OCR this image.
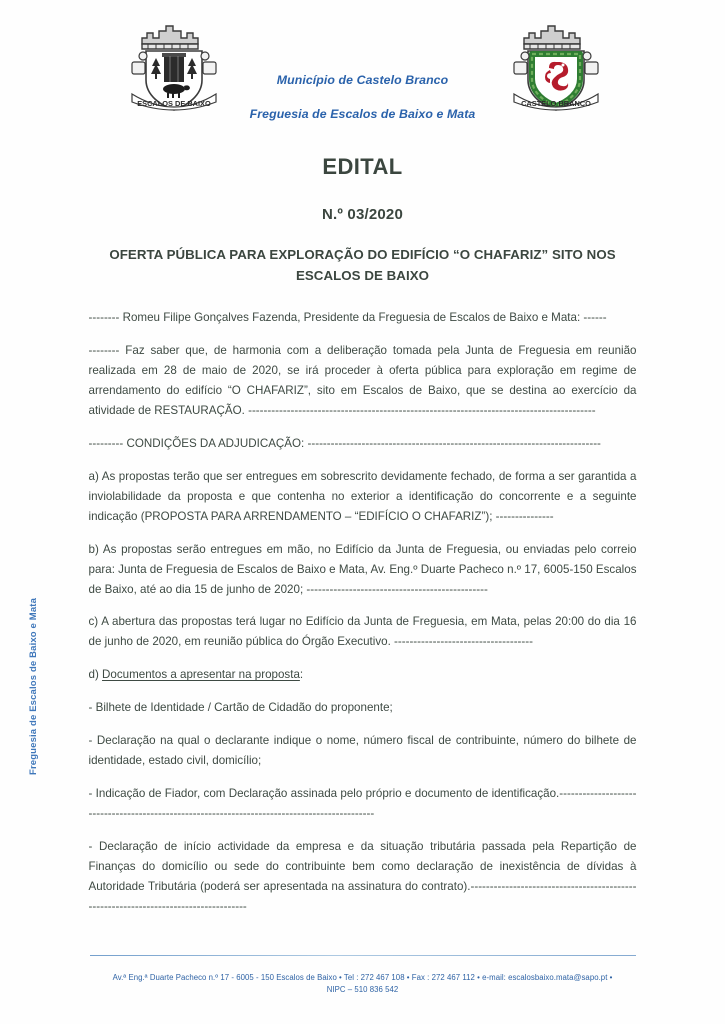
Freguesia de Escalos de Baixo e Mata
ESCALOS DE BAIXO	CASTELO BRANCO
Município de Castelo Branco
Freguesia de Escalos de Baixo e Mata
EDITAL
N.º 03/2020
OFERTA PÚBLICA PARA EXPLORAÇÃO DO EDIFÍCIO “O CHAFARIZ” SITO NOS ESCALOS DE BAIXO

-------- Romeu Filipe Gonçalves Fazenda, Presidente da Freguesia de Escalos de Baixo e Mata: ------

-------- Faz saber que, de harmonia com a deliberação tomada pela Junta de Freguesia em reunião realizada em 28 de maio de 2020, se irá proceder à oferta pública para exploração em regime de arrendamento do edifício “O CHAFARIZ”, sito em Escalos de Baixo, que se destina ao exercício da atividade de RESTAURAÇÃO. ------------------------------------------------------------------------------------------

--------- CONDIÇÕES DA ADJUDICAÇÃO: ----------------------------------------------------------------------------

a) As propostas terão que ser entregues em sobrescrito devidamente fechado, de forma a ser garantida a inviolabilidade da proposta e que contenha no exterior a identificação do concorrente e a seguinte indicação (PROPOSTA PARA ARRENDAMENTO – “EDIFÍCIO O CHAFARIZ”); ---------------

b) As propostas serão entregues em mão, no Edifício da Junta de Freguesia, ou enviadas pelo correio para: Junta de Freguesia de Escalos de Baixo e Mata, Av. Eng.º Duarte Pacheco n.º 17, 6005-150 Escalos de Baixo, até ao dia 15 de junho de 2020; -----------------------------------------------

c) A abertura das propostas terá lugar no Edifício da Junta de Freguesia, em Mata, pelas 20:00 do dia 16 de junho de 2020, em reunião pública do Órgão Executivo. ------------------------------------

d) Documentos a apresentar na proposta:

- Bilhete de Identidade / Cartão de Cidadão do proponente;

- Declaração na qual o declarante indique o nome, número fiscal de contribuinte, número do bilhete de identidade, estado civil, domicílio;

- Indicação de Fiador, com Declaração assinada pelo próprio e documento de identificação.----------------------------------------------------------------------------------------------

- Declaração de início actividade da empresa e da situação tributária passada pela Repartição de Finanças do domicílio ou sede do contribuinte bem como declaração de inexistência de dívidas à Autoridade Tributária (poderá ser apresentada na assinatura do contrato).------------------------------------------------------------------------------------

Av.ª Eng.ª Duarte Pacheco n.º 17 - 6005 - 150 Escalos de Baixo • Tel : 272 467 108 • Fax : 272 467 112 • e-mail: escalosbaixo.mata@sapo.pt •
NIPC – 510 836 542
